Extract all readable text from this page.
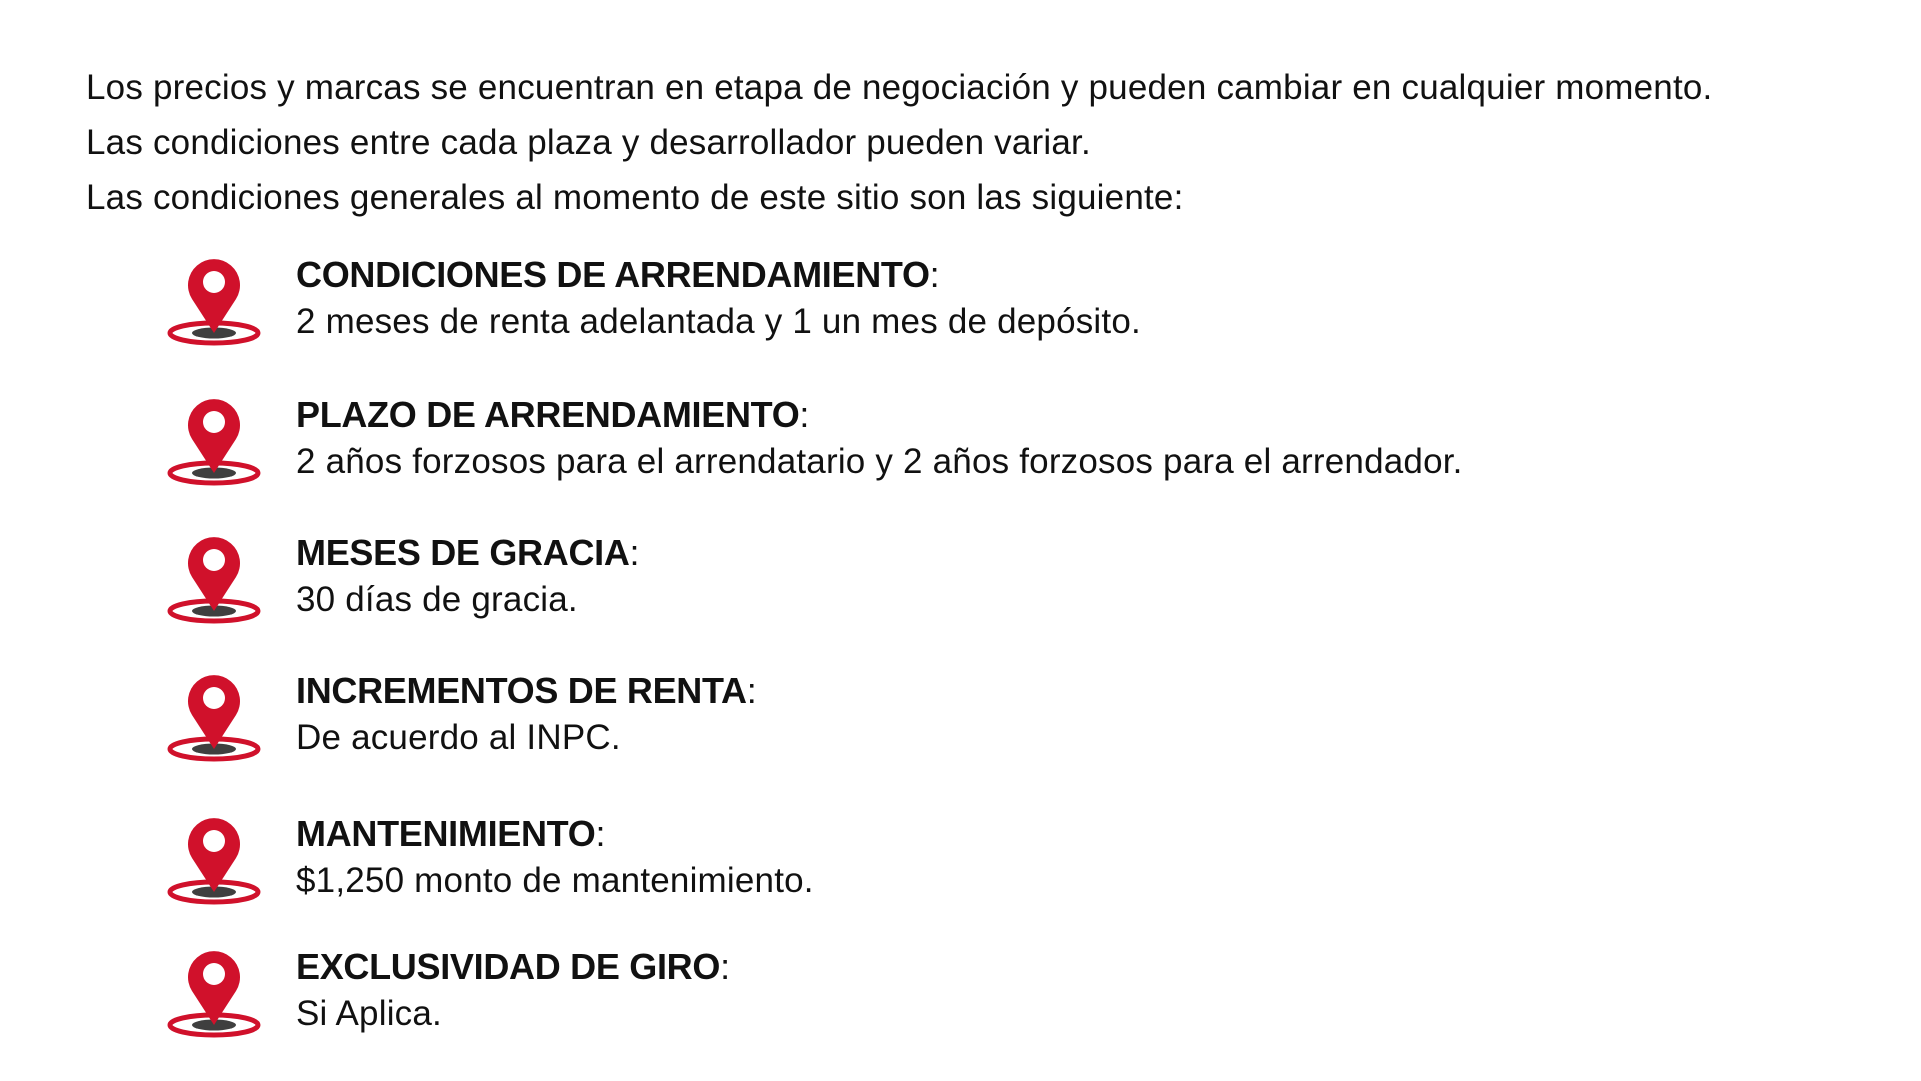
Los precios y marcas se encuentran en etapa de negociación y pueden cambiar en cualquier momento.

Las condiciones entre cada plaza y desarrollador pueden variar.

Las condiciones generales al momento de este sitio son las siguiente:

CONDICIONES DE ARRENDAMIENTO:
2 meses de renta adelantada y 1 un mes de depósito.
PLAZO DE ARRENDAMIENTO:
2 años forzosos para el arrendatario y 2 años forzosos para el arrendador.
MESES DE GRACIA:
30 días de gracia.
INCREMENTOS DE RENTA:
De acuerdo al INPC.
MANTENIMIENTO:
$1,250 monto de mantenimiento.
EXCLUSIVIDAD DE GIRO:
Si Aplica.
